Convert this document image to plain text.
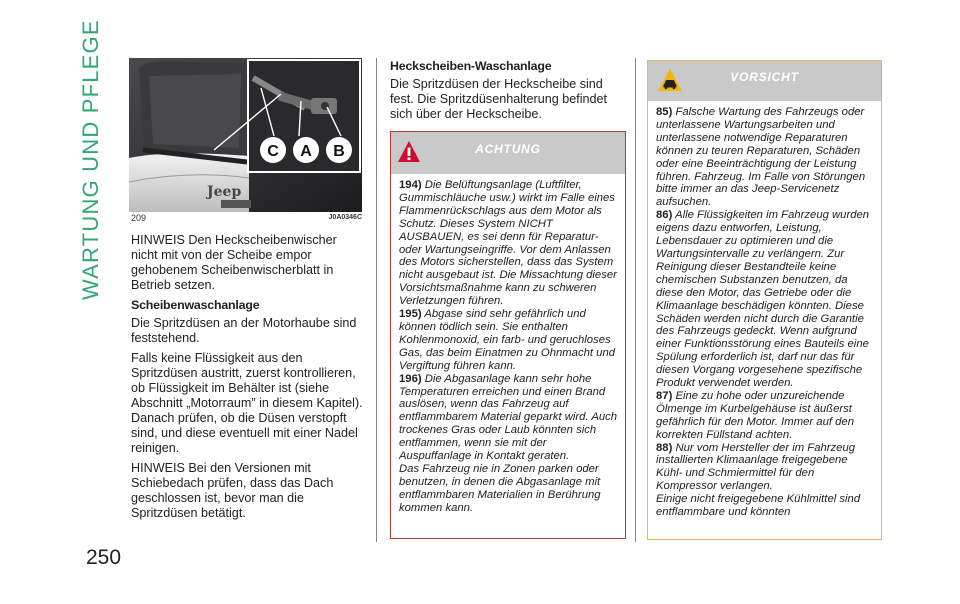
WARTUNG UND PFLEGE
250
Jeep
C A B
209	J0A0346C

HINWEIS Den Heckscheibenwischer nicht mit von der Scheibe empor gehobenem Scheibenwischerblatt in Betrieb setzen.

Scheibenwaschanlage

Die Spritzdüsen an der Motorhaube sind feststehend.

Falls keine Flüssigkeit aus den Spritzdüsen austritt, zuerst kontrollieren, ob Flüssigkeit im Behälter ist (siehe Abschnitt „Motorraum” in diesem Kapitel). Danach prüfen, ob die Düsen verstopft sind, und diese eventuell mit einer Nadel reinigen.

HINWEIS Bei den Versionen mit Schiebedach prüfen, dass das Dach geschlossen ist, bevor man die Spritzdüsen betätigt.

Heckscheiben-Waschanlage

Die Spritzdüsen der Heckscheibe sind fest. Die Spritzdüsenhalterung befindet sich über der Heckscheibe.

ACHTUNG
194) Die Belüftungsanlage (Luftfilter, Gummischläuche usw.) wirkt im Falle eines Flammenrückschlags aus dem Motor als Schutz. Dieses System NICHT AUSBAUEN, es sei denn für Reparatur- oder Wartungseingriffe. Vor dem Anlassen des Motors sicherstellen, dass das System nicht ausgebaut ist. Die Missachtung dieser Vorsichtsmaßnahme kann zu schweren Verletzungen führen.
195) Abgase sind sehr gefährlich und können tödlich sein. Sie enthalten Kohlenmonoxid, ein farb- und geruchloses Gas, das beim Einatmen zu Ohnmacht und Vergiftung führen kann.
196) Die Abgasanlage kann sehr hohe Temperaturen erreichen und einen Brand auslösen, wenn das Fahrzeug auf entflammbarem Material geparkt wird. Auch trockenes Gras oder Laub könnten sich entflammen, wenn sie mit der Auspuffanlage in Kontakt geraten.
Das Fahrzeug nie in Zonen parken oder benutzen, in denen die Abgasanlage mit entflammbaren Materialien in Berührung kommen kann.
VORSICHT
85) Falsche Wartung des Fahrzeugs oder unterlassene Wartungsarbeiten und unterlassene notwendige Reparaturen können zu teuren Reparaturen, Schäden oder eine Beeinträchtigung der Leistung führen. Fahrzeug. Im Falle von Störungen bitte immer an das Jeep-Servicenetz aufsuchen.
86) Alle Flüssigkeiten im Fahrzeug wurden eigens dazu entworfen, Leistung, Lebensdauer zu optimieren und die Wartungsintervalle zu verlängern. Zur Reinigung dieser Bestandteile keine chemischen Substanzen benutzen, da diese den Motor, das Getriebe oder die Klimaanlage beschädigen könnten. Diese Schäden werden nicht durch die Garantie des Fahrzeugs gedeckt. Wenn aufgrund einer Funktionsstörung eines Bauteils eine Spülung erforderlich ist, darf nur das für diesen Vorgang vorgesehene spezifische Produkt verwendet werden.
87) Eine zu hohe oder unzureichende Ölmenge im Kurbelgehäuse ist äußerst gefährlich für den Motor. Immer auf den korrekten Füllstand achten.
88) Nur vom Hersteller der im Fahrzeug installierten Klimaanlage freigegebene Kühl- und Schmiermittel für den Kompressor verlangen.
Einige nicht freigegebene Kühlmittel sind entflammbare und könnten
